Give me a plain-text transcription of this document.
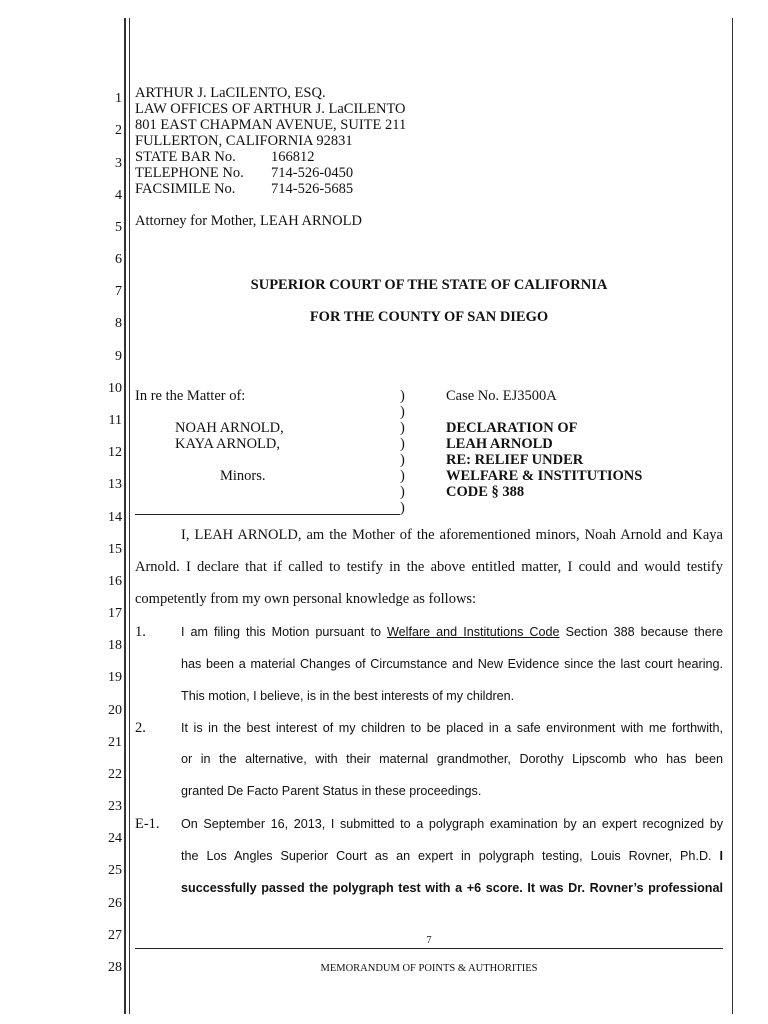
1
2
3
4
5
6
7
8
9
10
11
12
13
14
15
16
17
18
19
20
21
22
23
24
25
26
27
28
ARTHUR J. LaCILENTO, ESQ.
LAW OFFICES OF ARTHUR J. LaCILENTO
801 EAST CHAPMAN AVENUE, SUITE 211
FULLERTON, CALIFORNIA 92831
STATE BAR No. 166812
TELEPHONE No. 714-526-0450
FACSIMILE No. 714-526-5685
Attorney for Mother, LEAH ARNOLD
SUPERIOR COURT OF THE STATE OF CALIFORNIA
FOR THE COUNTY OF SAN DIEGO
In re the Matter of:
NOAH ARNOLD,
KAYA ARNOLD,
Minors.
)
)
)
)
)
)
)
)
Case No. EJ3500A
DECLARATION OF
LEAH ARNOLD
RE: RELIEF UNDER
WELFARE & INSTITUTIONS
CODE § 388
I, LEAH ARNOLD, am the Mother of the aforementioned minors, Noah Arnold and Kaya
Arnold. I declare that if called to testify in the above entitled matter, I could and would testify
competently from my own personal knowledge as follows:
1.	I am filing this Motion pursuant to Welfare and Institutions Code Section 388 because there
has been a material Changes of Circumstance and New Evidence since the last court hearing.
This motion, I believe, is in the best interests of my children.
2.	It is in the best interest of my children to be placed in a safe environment with me forthwith,
or in the alternative, with their maternal grandmother, Dorothy Lipscomb who has been
granted De Facto Parent Status in these proceedings.
E-1. On September 16, 2013, I submitted to a polygraph examination by an expert recognized by
the Los Angles Superior Court as an expert in polygraph testing, Louis Rovner, Ph.D. I
successfully passed the polygraph test with a +6 score. It was Dr. Rovner’s professional
7
MEMORANDUM OF POINTS & AUTHORITIES
